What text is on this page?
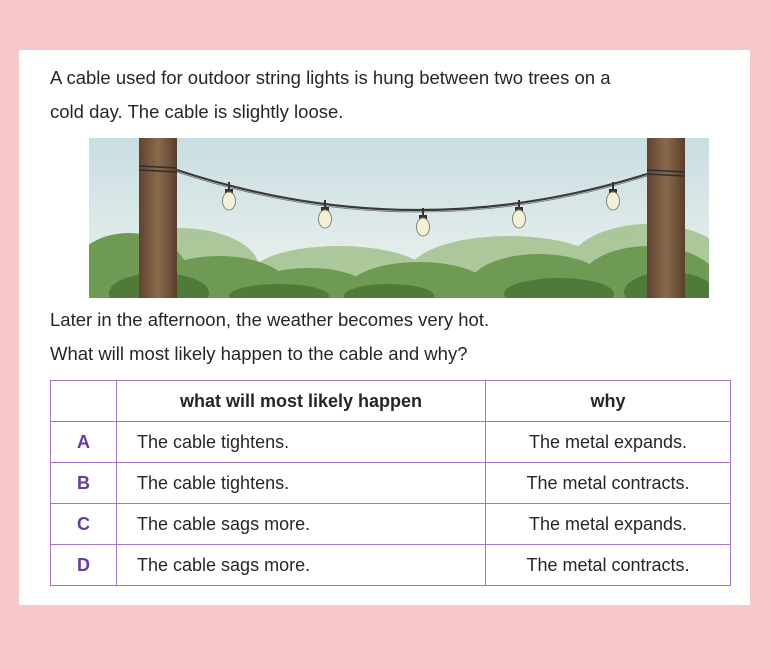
A cable used for outdoor string lights is hung between two trees on a
cold day. The cable is slightly loose.

Later in the afternoon, the weather becomes very hot.

What will most likely happen to the cable and why?

	what will most likely happen	why
A	The cable tightens.	The metal expands.
B	The cable tightens.	The metal contracts.
C	The cable sags more.	The metal expands.
D	The cable sags more.	The metal contracts.
